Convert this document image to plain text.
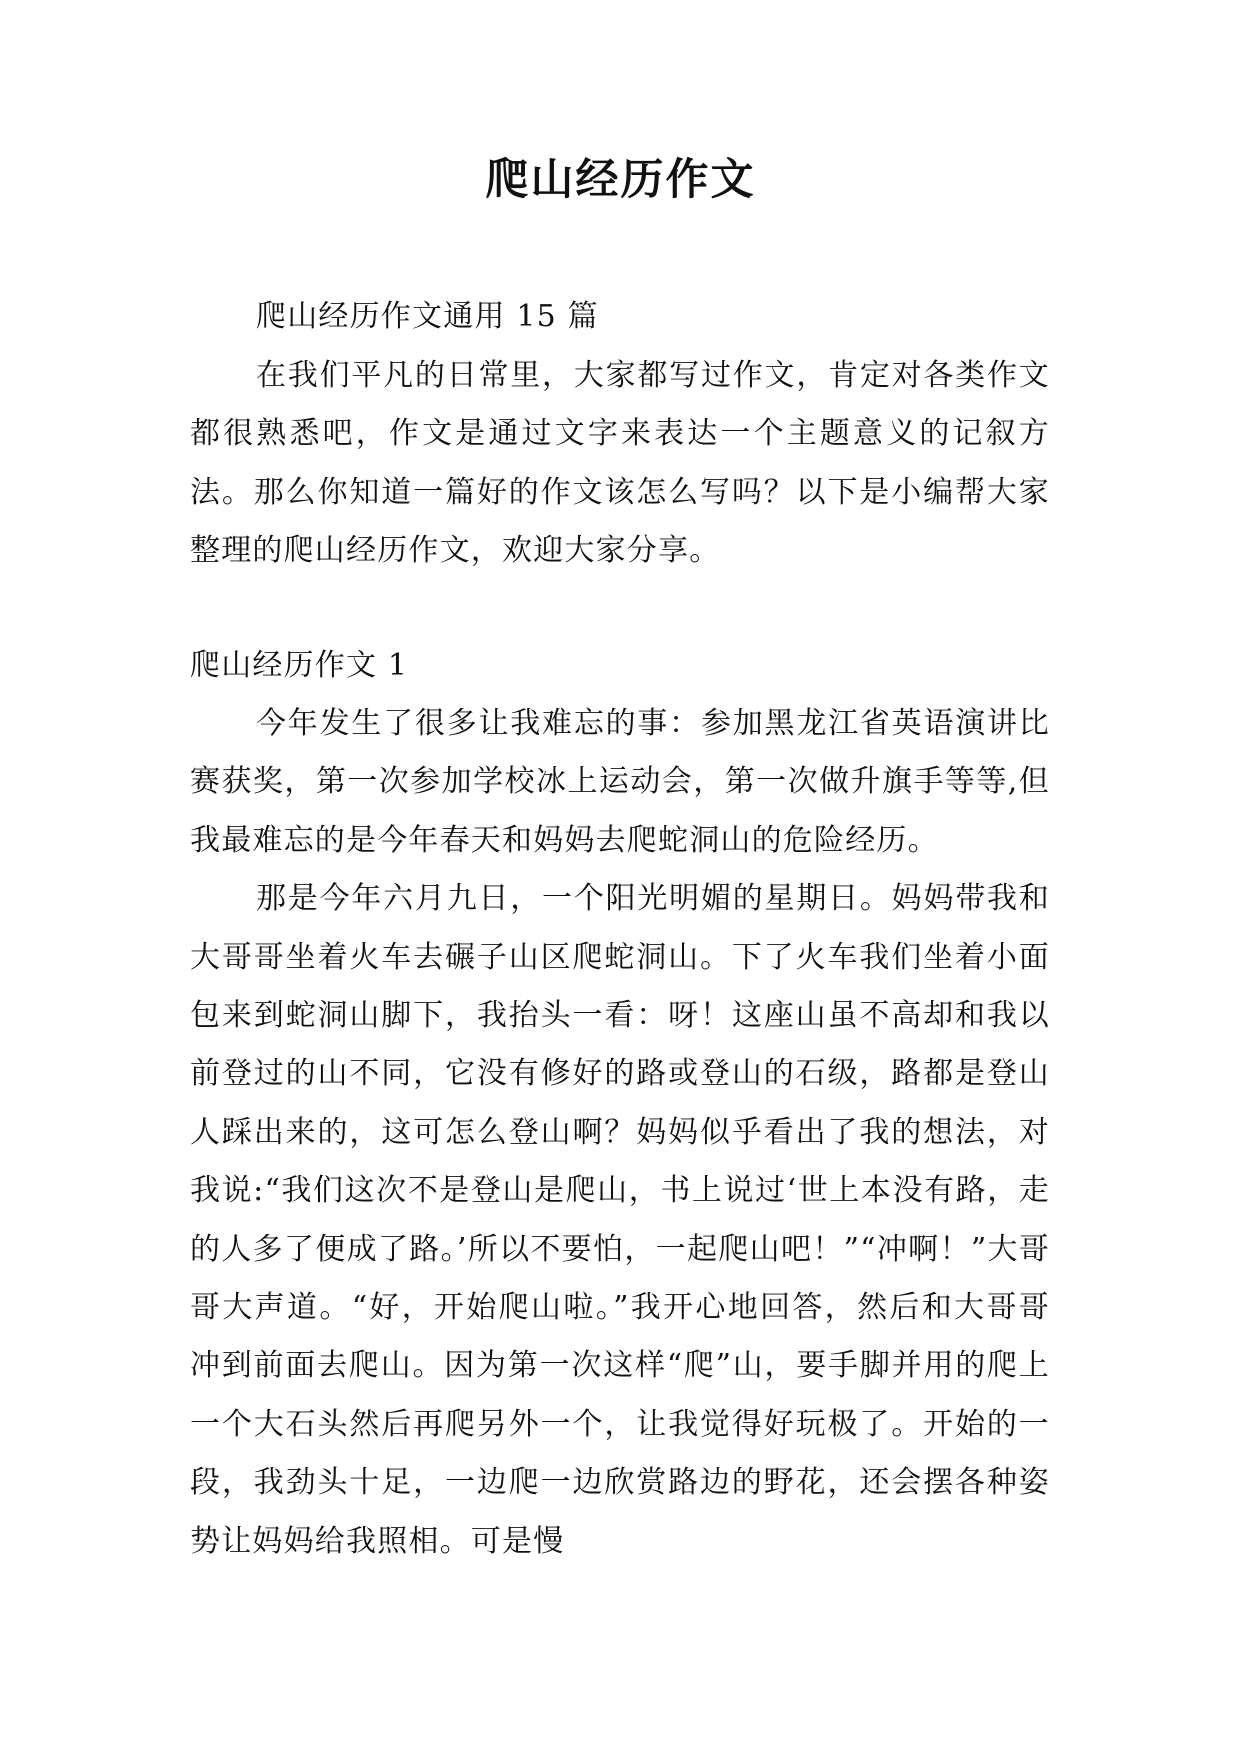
爬山经历作文

爬山经历作文通用 15 篇

在我们平凡的日常里，大家都写过作文，肯定对各类作文都很熟悉吧，作文是通过文字来表达一个主题意义的记叙方法。那么你知道一篇好的作文该怎么写吗？以下是小编帮大家整理的爬山经历作文，欢迎大家分享。

爬山经历作文 1

今年发生了很多让我难忘的事：参加黑龙江省英语演讲比赛获奖，第一次参加学校冰上运动会，第一次做升旗手等等,但我最难忘的是今年春天和妈妈去爬蛇洞山的危险经历。

那是今年六月九日，一个阳光明媚的星期日。妈妈带我和大哥哥坐着火车去碾子山区爬蛇洞山。下了火车我们坐着小面包来到蛇洞山脚下，我抬头一看：呀！这座山虽不高却和我以前登过的山不同，它没有修好的路或登山的石级，路都是登山人踩出来的，这可怎么登山啊？妈妈似乎看出了我的想法，对我说:“我们这次不是登山是爬山，书上说过‘世上本没有路，走的人多了便成了路。’所以不要怕，一起爬山吧！”“冲啊！”大哥哥大声道。“好，开始爬山啦。”我开心地回答，然后和大哥哥冲到前面去爬山。因为第一次这样“爬”山，要手脚并用的爬上一个大石头然后再爬另外一个，让我觉得好玩极了。开始的一段，我劲头十足，一边爬一边欣赏路边的野花，还会摆各种姿势让妈妈给我照相。可是慢
